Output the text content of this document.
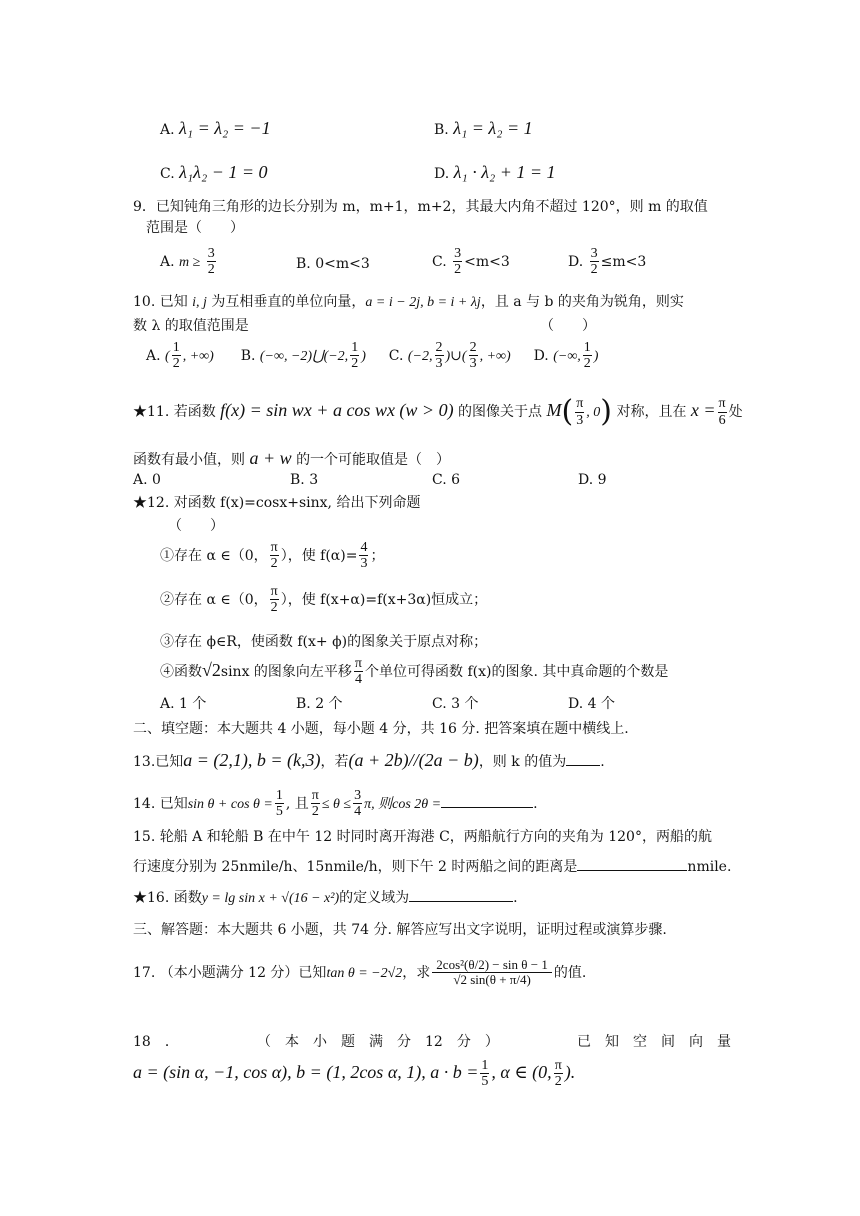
A. λ₁ = λ₂ = −1	B. λ₁ = λ₂ = 1
C. λ₁λ₂ − 1 = 0	D. λ₁ · λ₂ + 1 = 1
9．已知钝角三角形的边长分别为 m，m+1，m+2，其最大内角不超过 120°，则 m 的取值
范围是（　　）
A. $m \ge \frac{3}{2}$	B. 0<m<3	C. $\frac{3}{2} <m<3$	D. $\frac{3}{2} \le m<3$
10. 已知 i, j 为互相垂直的单位向量，a = i − 2j, b = i + λj，且 a 与 b 的夹角为锐角，则实
数 λ 的取值范围是	（　　）
A. ( $\frac{1}{2}$ , +∞) B. (−∞, −2)⋃(−2, $\frac{1}{2}$ ) C. (−2, $\frac{2}{3}$ )∪( $\frac{2}{3}$ , +∞) D. (−∞, $\frac{1}{2}$ )
★11. 若函数 f(x) = sin wx + a cos wx (w > 0) 的图像关于点 $M( \frac{\pi}{3}$ , 0) 对称，且在 $x = \frac{\pi}{6}$ 处
函数有最小值，则 a + w 的一个可能取值是（　）
A. 0	B. 3	C. 6	D. 9
★12. 对函数 f(x)=cosx+sinx, 给出下列命题
（　　）
①存在 α ∈（0， $\frac{\pi}{2}$ ），使 $f(\alpha)= \frac{4}{3}$ ；
②存在 α ∈（0， $\frac{\pi}{2}$ ），使 f(x+α)=f(x+3α)恒成立；
③存在 ϕ∈R，使函数 f(x+ ϕ)的图象关于原点对称；
④函数√2sinx 的图象向左平移 $\frac{\pi}{4}$ 个单位可得函数 f(x)的图象. 其中真命题的个数是
A. 1 个	B. 2 个	C. 3 个	D. 4 个
二、填空题：本大题共 4 小题，每小题 4 分，共 16 分. 把答案填在题中横线上.
13.已知a = (2,1), b = (k,3)，若(a + 2b)//(2a − b)，则 k 的值为 .
14. 已知$\sin \theta + \cos \theta = \frac{1}{5}$ , 且 $\frac{\pi}{2} \le \theta \le \frac{3}{4} \pi$, 则cos 2θ =	.
15. 轮船 A 和轮船 B 在中午 12 时同时离开海港 C，两船航行方向的夹角为 120°，两船的航
行速度分别为 25nmile/h、15nmile/h，则下午 2 时两船之间的距离是	nmile.
★16. 函数y = lg sin x + √(16 − x²)的定义域为	.
三、解答题：本大题共 6 小题，共 74 分. 解答应写出文字说明，证明过程或演算步骤.
17. （本小题满分 12 分）已知tan θ = −2√2，求 $\frac{\text{2cos²(θ/2) − sin θ − 1}}{√2 \sin(\theta + \pi/4)}$ 的值.
18　．	（　本　小　题　满　分　12　分　）	已　知　空　间　向　量
a = (sin α, −1, cos α), b = (1, 2cos α, 1), $a \cdot b = \frac{1}{5}$ , α ∈ (0, $\frac{\pi}{2}$ ).
